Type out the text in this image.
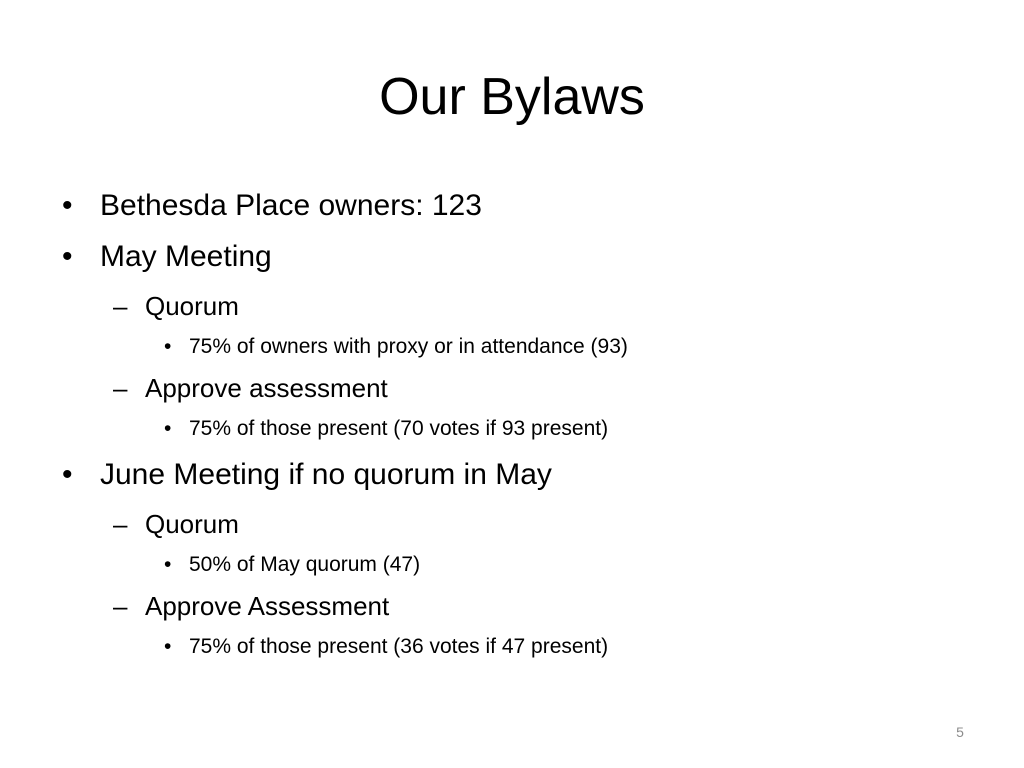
Our Bylaws
• Bethesda Place owners: 123
• May Meeting
– Quorum
• 75% of owners with proxy or in attendance (93)
– Approve assessment
• 75% of those present (70 votes if 93 present)
• June Meeting if no quorum in May
– Quorum
• 50% of May quorum (47)
– Approve Assessment
• 75% of those present (36 votes if 47 present)
5
